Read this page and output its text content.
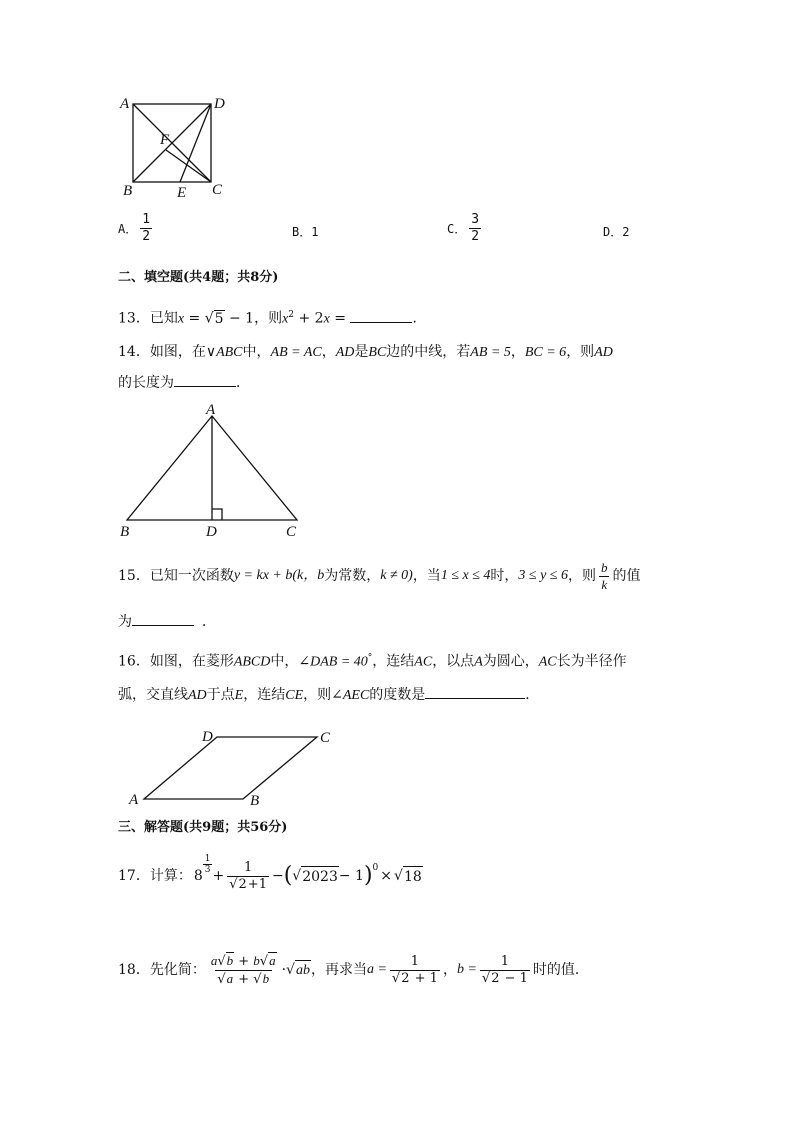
A	D
F
B	E C
A． $\frac{1}{2}$	B．1	C． $\frac{3}{2}$	D．2
二、填空题(共4题；共8分)
13．已知x = √5 − 1，则$x^2 + 2x$ =	．
14．如图，在∨ABC中，AB = AC，AD是BC边的中线，若AB = 5，BC = 6，则AD
的长度为	．
A
B	D	C
15． 已知一次函数 y = kx + b(k，b 为常数， k ≠ 0) ，当 1 ≤ x ≤ 4 时， 3 ≤ y ≤ 6 ，则 $\frac{b}{k}$ 的值
为	．
16．如图，在菱形ABCD中，∠DAB = 40°，连结AC，以点A为圆心，AC长为半径作
弧，交直线AD于点E，连结CE，则∠AEC的度数是	．
D	C
A	B
三、解答题(共9题；共56分)
17． 计算： 8
$\frac{1}{3}$
+ $\frac{1}{√2+1}$ − ( √ 2023 − 1 )$^0$ × √ 18
18． 先化简： $\frac{a√b + b√a}{√a + √b}$ · √ ab ，再求当 $a = \frac{1}{√2 + 1}$ ， $b = \frac{1}{√2 - 1}$ 时的值．
